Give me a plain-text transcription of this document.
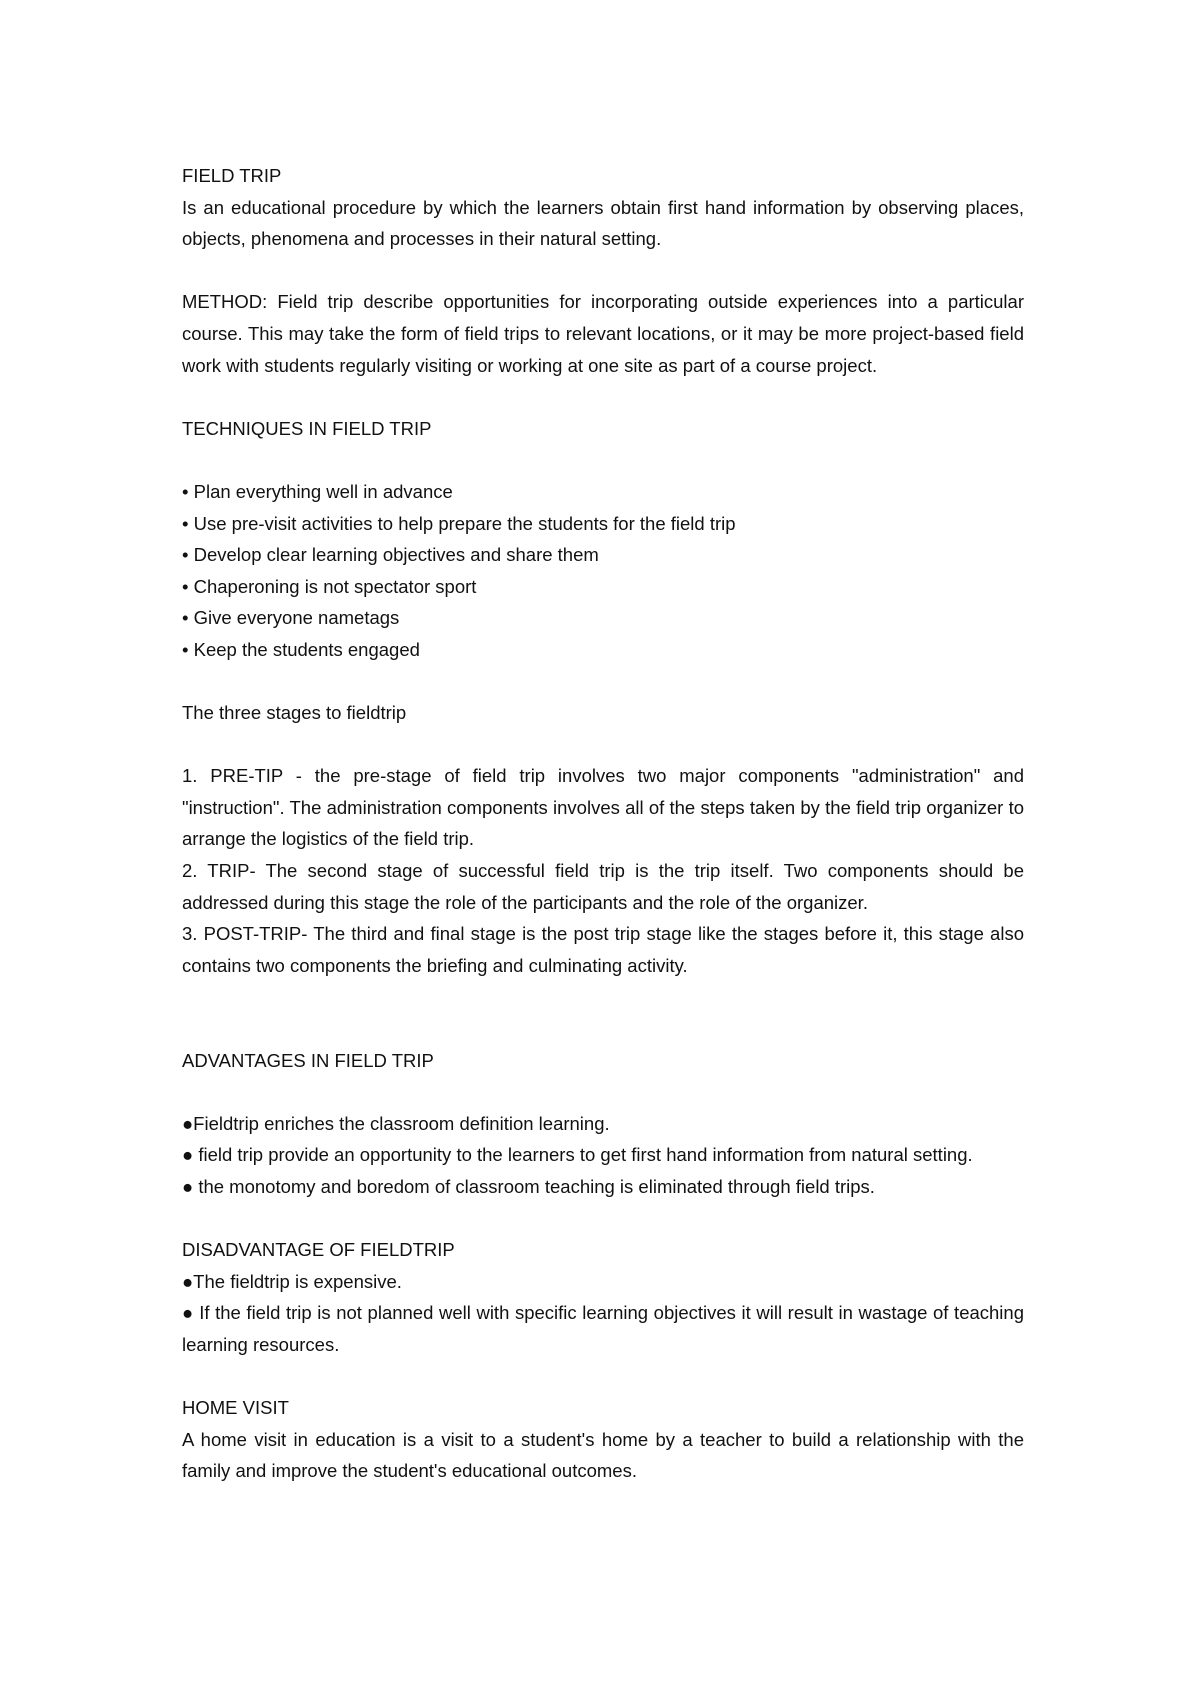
FIELD TRIP

Is an educational procedure by which the learners obtain first hand information by observing places, objects, phenomena and processes in their natural setting.

METHOD: Field trip describe opportunities for incorporating outside experiences into a particular course. This may take the form of field trips to relevant locations, or it may be more project-based field work with students regularly visiting or working at one site as part of a course project.

TECHNIQUES IN FIELD TRIP

• Plan everything well in advance

• Use pre-visit activities to help prepare the students for the field trip

• Develop clear learning objectives and share them

• Chaperoning is not spectator sport

• Give everyone nametags

• Keep the students engaged

The three stages to fieldtrip

1. PRE-TIP - the pre-stage of field trip involves two major components "administration" and "instruction". The administration components involves all of the steps taken by the field trip organizer to arrange the logistics of the field trip.

2. TRIP- The second stage of successful field trip is the trip itself. Two components should be addressed during this stage the role of the participants and the role of the organizer.

3. POST-TRIP- The third and final stage is the post trip stage like the stages before it, this stage also contains two components the briefing and culminating activity.

ADVANTAGES IN FIELD TRIP

●Fieldtrip enriches the classroom definition learning.

● field trip provide an opportunity to the learners to get first hand information from natural setting.

● the monotomy and boredom of classroom teaching is eliminated through field trips.

DISADVANTAGE OF FIELDTRIP

●The fieldtrip is expensive.

● If the field trip is not planned well with specific learning objectives it will result in wastage of teaching learning resources.

HOME VISIT

A home visit in education is a visit to a student's home by a teacher to build a relationship with the family and improve the student's educational outcomes.
